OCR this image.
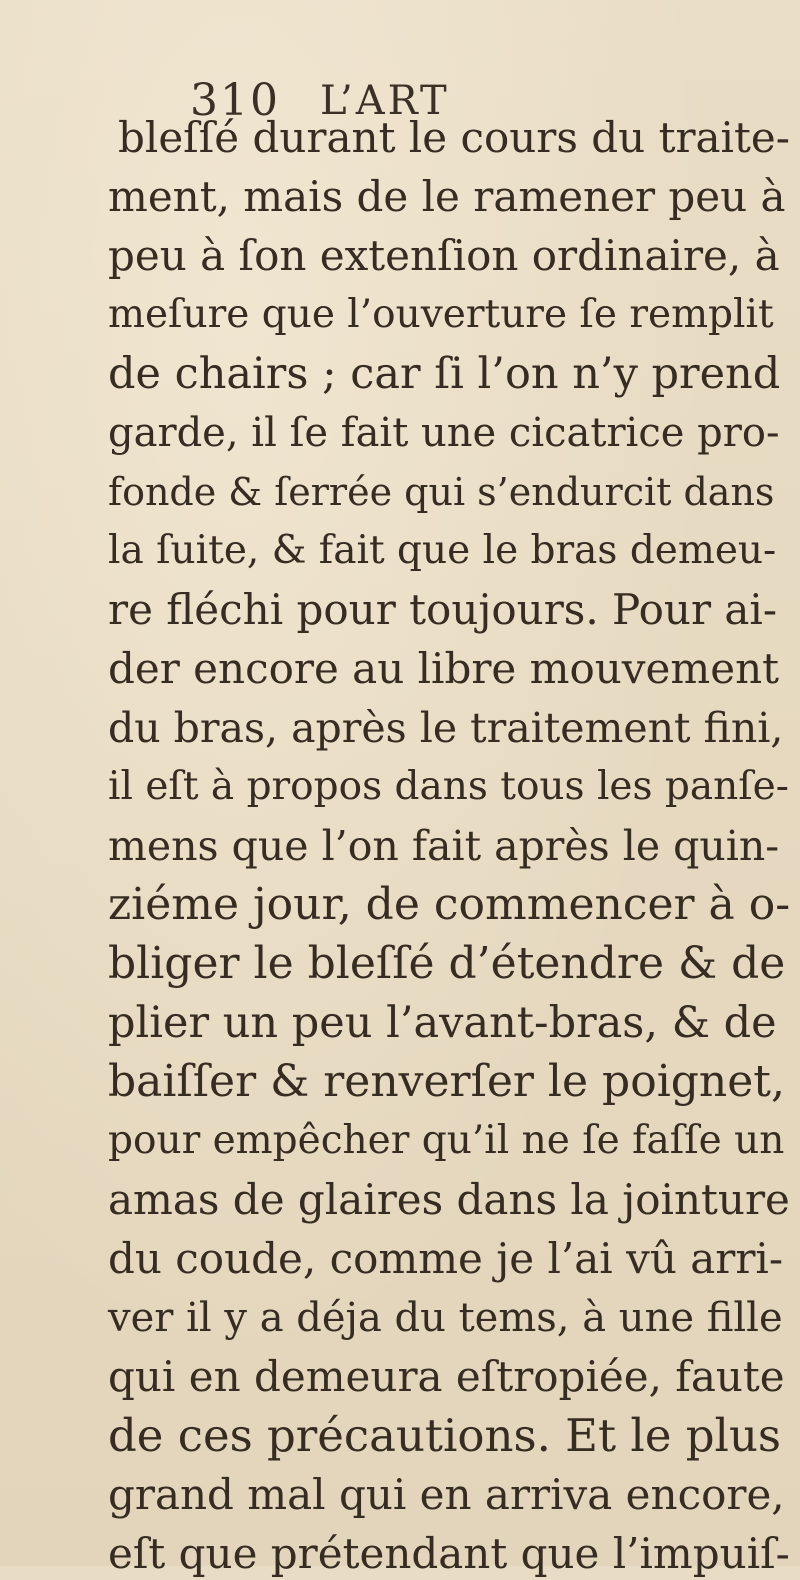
310 L’ART
bleſſé durant le cours du traite-
ment, mais de le ramener peu à
peu à ſon extenſion ordinaire, à
meſure que l’ouverture ſe remplit
de chairs ; car ſi l’on n’y prend
garde, il ſe fait une cicatrice pro-
fonde & ſerrée qui s’endurcit dans
la ſuite, & fait que le bras demeu-
re fléchi pour toujours. Pour ai-
der encore au libre mouvement
du bras, après le traitement fini,
il eſt à propos dans tous les panſe-
mens que l’on fait après le quin-
ziéme jour, de commencer à o-
bliger le bleſſé d’étendre & de
plier un peu l’avant-bras, & de
baiſſer & renverſer le poignet,
pour empêcher qu’il ne ſe faſſe un
amas de glaires dans la jointure
du coude, comme je l’ai vû arri-
ver il y a déja du tems, à une fille
qui en demeura eſtropiée, faute
de ces précautions. Et le plus
grand mal qui en arriva encore,
eſt que prétendant que l’impuiſ-
